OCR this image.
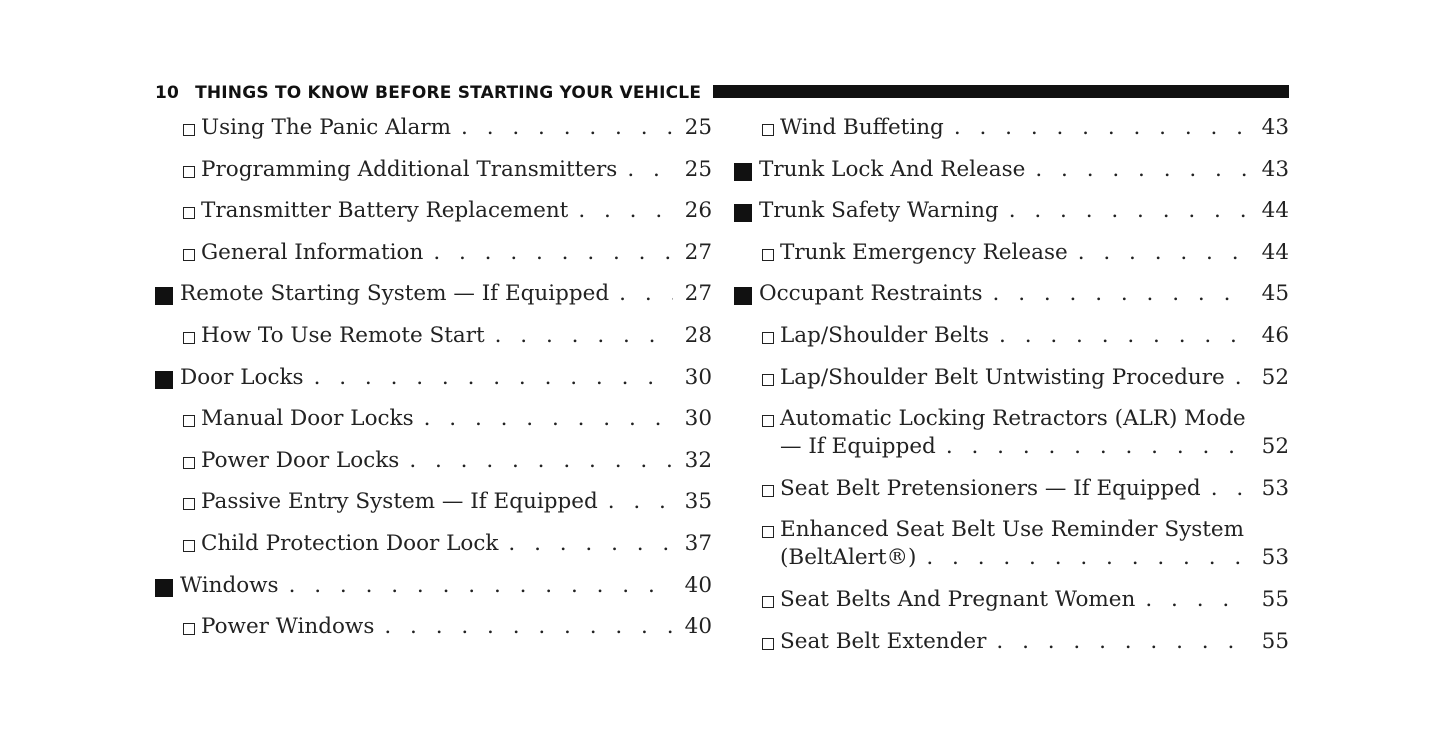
10 THINGS TO KNOW BEFORE STARTING YOUR VEHICLE
Using The Panic Alarm . . .	25
Programming Additional Transmitters . . .	25
Transmitter Battery Replacement . . .	26
General Information . . .	27
Remote Starting System — If Equipped . . .	27
How To Use Remote Start . . .	28
Door Locks . . .	30
Manual Door Locks . . .	30
Power Door Locks . . .	32
Passive Entry System — If Equipped . . .	35
Child Protection Door Lock . . .	37
Windows . . .	40
Power Windows . . .	40
Wind Buffeting . . .	43
Trunk Lock And Release . . .	43
Trunk Safety Warning . . .	44
Trunk Emergency Release . . .	44
Occupant Restraints . . .	45
Lap/Shoulder Belts . . .	46
Lap/Shoulder Belt Untwisting Procedure . . . 52
Automatic Locking Retractors (ALR) Mode
— If Equipped . . .	52
Seat Belt Pretensioners — If Equipped . . .	53
Enhanced Seat Belt Use Reminder System
(BeltAlert®) . . .	53
Seat Belts And Pregnant Women . . .	55
Seat Belt Extender . . .	55
